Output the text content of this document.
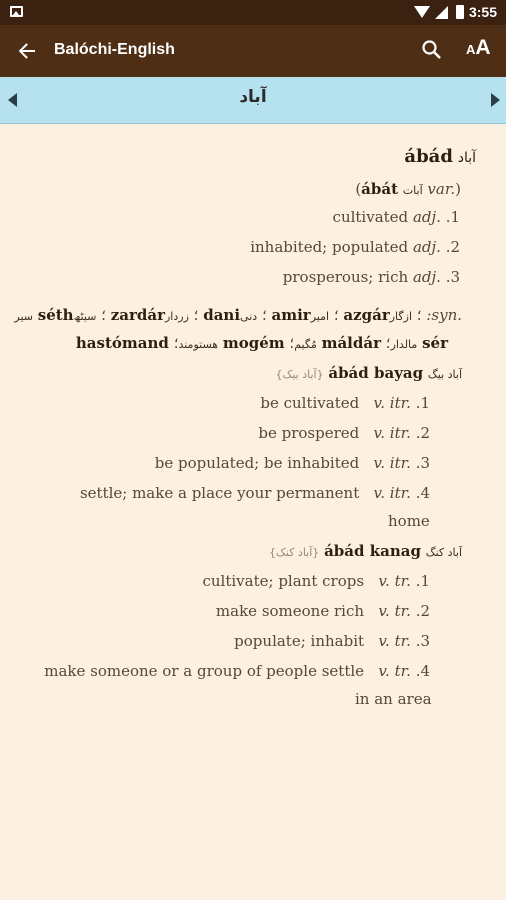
3:55
Balóchi-English	AA
آباد
ábád آباد
(ábát آبات var.)
cultivated adj. .1
inhabited; populated adj. .2
prosperous; rich adj. .3
سیر séth ؛ سیٹھ zardár ؛ زردار dani ؛ دنی amir ؛ امیر azgár ؛ ازگار :syn.
hastómand هستومند؛ mogém مُگیم؛ máldár مالدار؛ sér
{آباد بیک} ábád bayag آباد بیگ
be cultivated v. itr. .1
be prospered v. itr. .2
be populated; be inhabited v. itr. .3
settle; make a place your permanent v. itr. .4
home
{آباد کنک} ábád kanag آباد کنگ
cultivate; plant crops v. tr. .1
make someone rich v. tr. .2
populate; inhabit v. tr. .3
make someone or a group of people settle v. tr. .4
in an area
